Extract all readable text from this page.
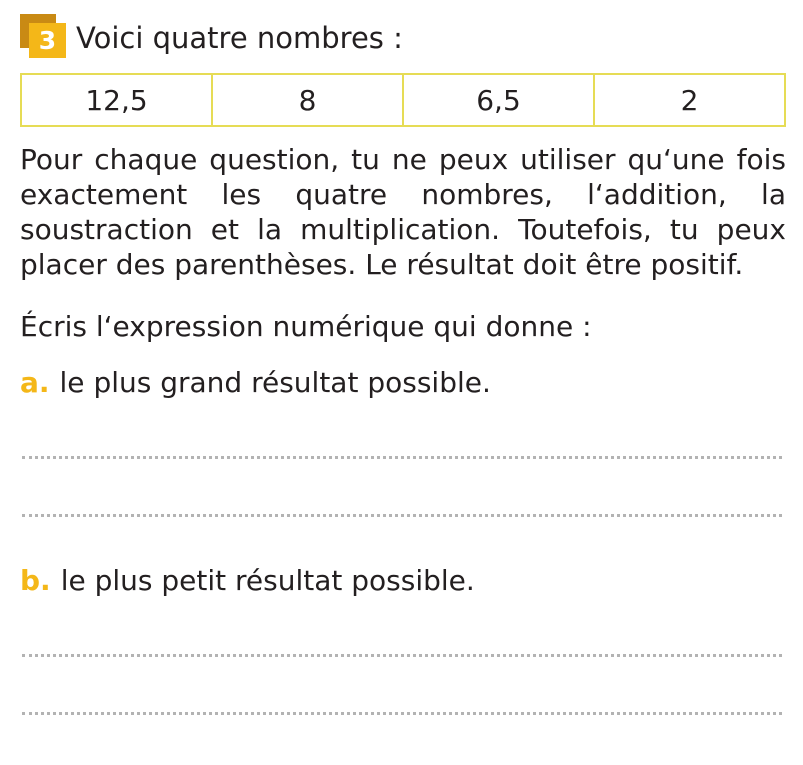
3 Voici quatre nombres :
12,5	8	6,5	2
Pour chaque question, tu ne peux utiliser qu‘une fois exactement les quatre nombres, l‘addition, la soustraction et la multiplication. Toutefois, tu peux placer des parenthèses. Le résultat doit être positif.
Écris l‘expression numérique qui donne :
a. le plus grand résultat possible.
b. le plus petit résultat possible.
